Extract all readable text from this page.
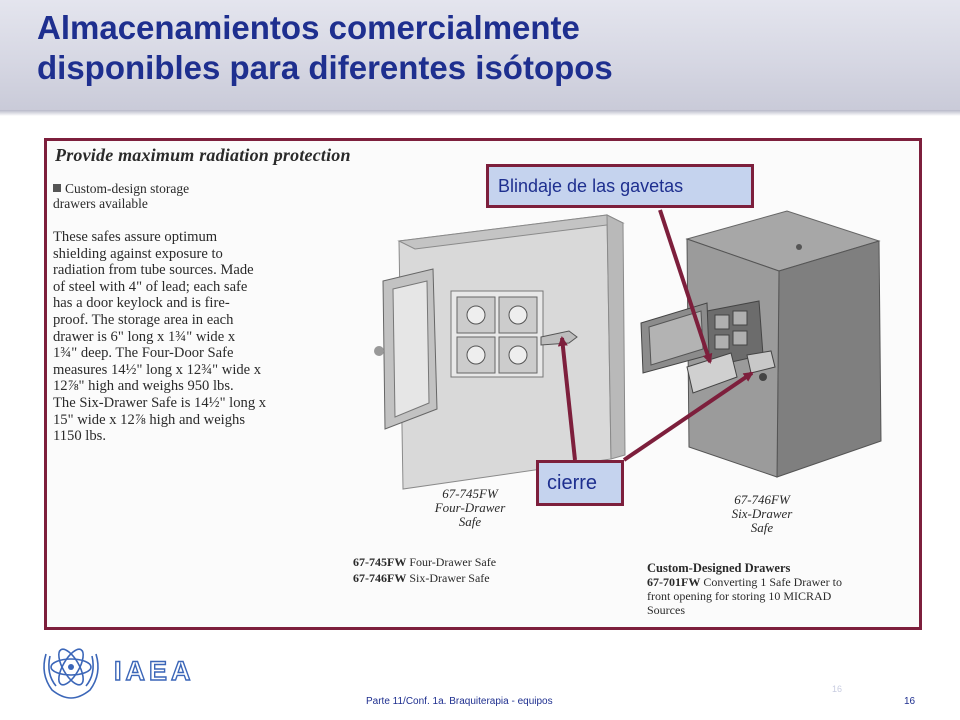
Almacenamientos comercialmente
disponibles para diferentes isótopos
Provide maximum radiation protection
Custom-design storage
drawers available
These safes assure optimum
shielding against exposure to
radiation from tube sources. Made
of steel with 4" of lead; each safe
has a door keylock and is fire-
proof. The storage area in each
drawer is 6" long x 1¾" wide x
1¾" deep. The Four-Door Safe
measures 14½" long x 12¾" wide x
12⅞" high and weighs 950 lbs.
The Six-Drawer Safe is 14½" long x
15" wide x 12⅞ high and weighs
1150 lbs.
67-745FW
Four-Drawer
Safe
67-746FW
Six-Drawer
Safe
67-745FW Four-Drawer Safe
67-746FW Six-Drawer Safe
Custom-Designed Drawers
67-701FW Converting 1 Safe Drawer to
front opening for storing 10 MICRAD
Sources
Blindaje de las gavetas
cierre
IAEA
Parte 11/Conf. 1a. Braquiterapia - equipos
16
16
